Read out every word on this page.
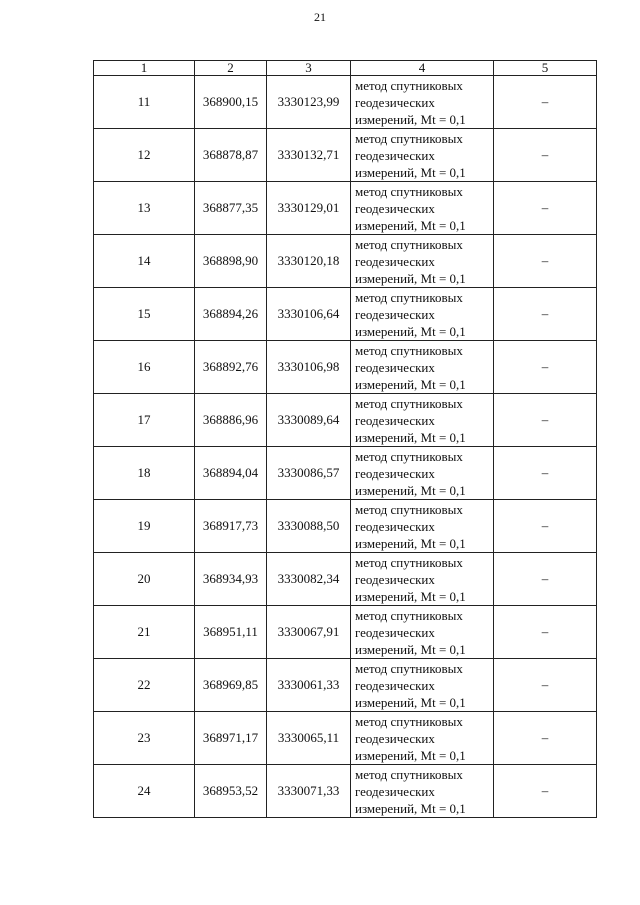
21
1	2	3	4	5
11	368900,15	3330123,99	метод спутниковых
геодезических
измерений, Mt = 0,1	–
12	368878,87	3330132,71	метод спутниковых
геодезических
измерений, Mt = 0,1	–
13	368877,35	3330129,01	метод спутниковых
геодезических
измерений, Mt = 0,1	–
14	368898,90	3330120,18	метод спутниковых
геодезических
измерений, Mt = 0,1	–
15	368894,26	3330106,64	метод спутниковых
геодезических
измерений, Mt = 0,1	–
16	368892,76	3330106,98	метод спутниковых
геодезических
измерений, Mt = 0,1	–
17	368886,96	3330089,64	метод спутниковых
геодезических
измерений, Mt = 0,1	–
18	368894,04	3330086,57	метод спутниковых
геодезических
измерений, Mt = 0,1	–
19	368917,73	3330088,50	метод спутниковых
геодезических
измерений, Mt = 0,1	–
20	368934,93	3330082,34	метод спутниковых
геодезических
измерений, Mt = 0,1	–
21	368951,11	3330067,91	метод спутниковых
геодезических
измерений, Mt = 0,1	–
22	368969,85	3330061,33	метод спутниковых
геодезических
измерений, Mt = 0,1	–
23	368971,17	3330065,11	метод спутниковых
геодезических
измерений, Mt = 0,1	–
24	368953,52	3330071,33	метод спутниковых
геодезических
измерений, Mt = 0,1	–
